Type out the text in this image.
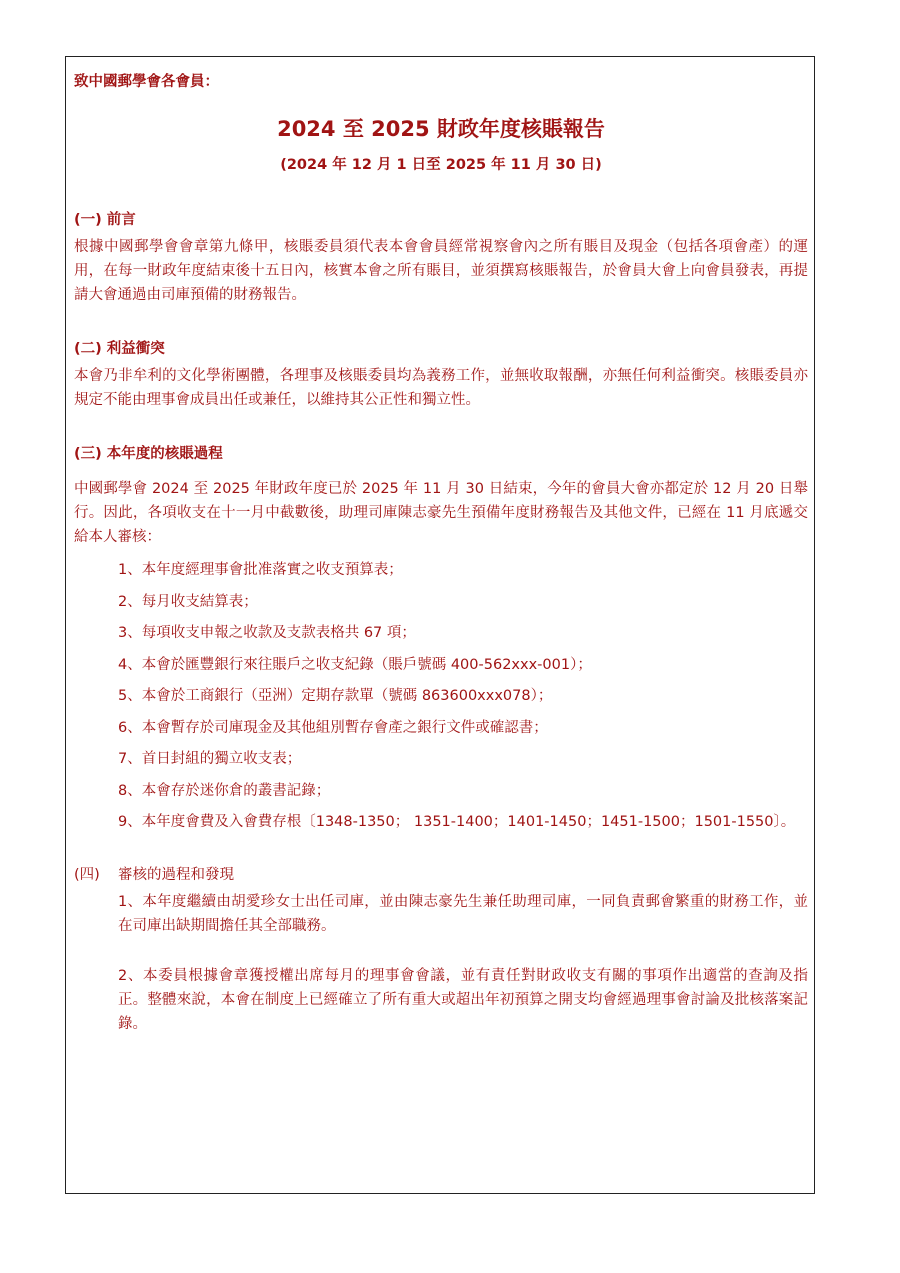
致中國郵學會各會員：
2024 至 2025 財政年度核賬報告
(2024 年 12 月 1 日至 2025 年 11 月 30 日)
(一) 前言

根據中國郵學會會章第九條甲，核賬委員須代表本會會員經常視察會內之所有賬目及現金（包括各項會產）的運用，在每一財政年度結束後十五日內，核實本會之所有賬目，並須撰寫核賬報告，於會員大會上向會員發表，再提請大會通過由司庫預備的財務報告。

(二) 利益衝突

本會乃非牟利的文化學術團體，各理事及核賬委員均為義務工作，並無收取報酬，亦無任何利益衝突。核賬委員亦規定不能由理事會成員出任或兼任，以維持其公正性和獨立性。

(三) 本年度的核賬過程

中國郵學會 2024 至 2025 年財政年度已於 2025 年 11 月 30 日結束，今年的會員大會亦都定於 12 月 20 日舉行。因此，各項收支在十一月中截數後，助理司庫陳志豪先生預備年度財務報告及其他文件，已經在 11 月底遞交給本人審核：

1、本年度經理事會批准落實之收支預算表；
2、每月收支結算表；
3、每項收支申報之收款及支款表格共 67 項；
4、本會於匯豐銀行來往賬戶之收支紀錄（賬戶號碼 400-562xxx-001）；
5、本會於工商銀行（亞洲）定期存款單（號碼 863600xxx078）；
6、本會暫存於司庫現金及其他組別暫存會產之銀行文件或確認書；
7、首日封組的獨立收支表；
8、本會存於迷你倉的叢書記錄；
9、本年度會費及入會費存根〔1348-1350； 1351-1400；1401-1450；1451-1500；1501-1550〕。
(四) 審核的過程和發現

1、本年度繼續由胡愛珍女士出任司庫，並由陳志豪先生兼任助理司庫，一同負責郵會繁重的財務工作，並在司庫出缺期間擔任其全部職務。

2、本委員根據會章獲授權出席每月的理事會會議，並有責任對財政收支有關的事項作出適當的查詢及指正。整體來說，本會在制度上已經確立了所有重大或超出年初預算之開支均會經過理事會討論及批核落案記錄。
